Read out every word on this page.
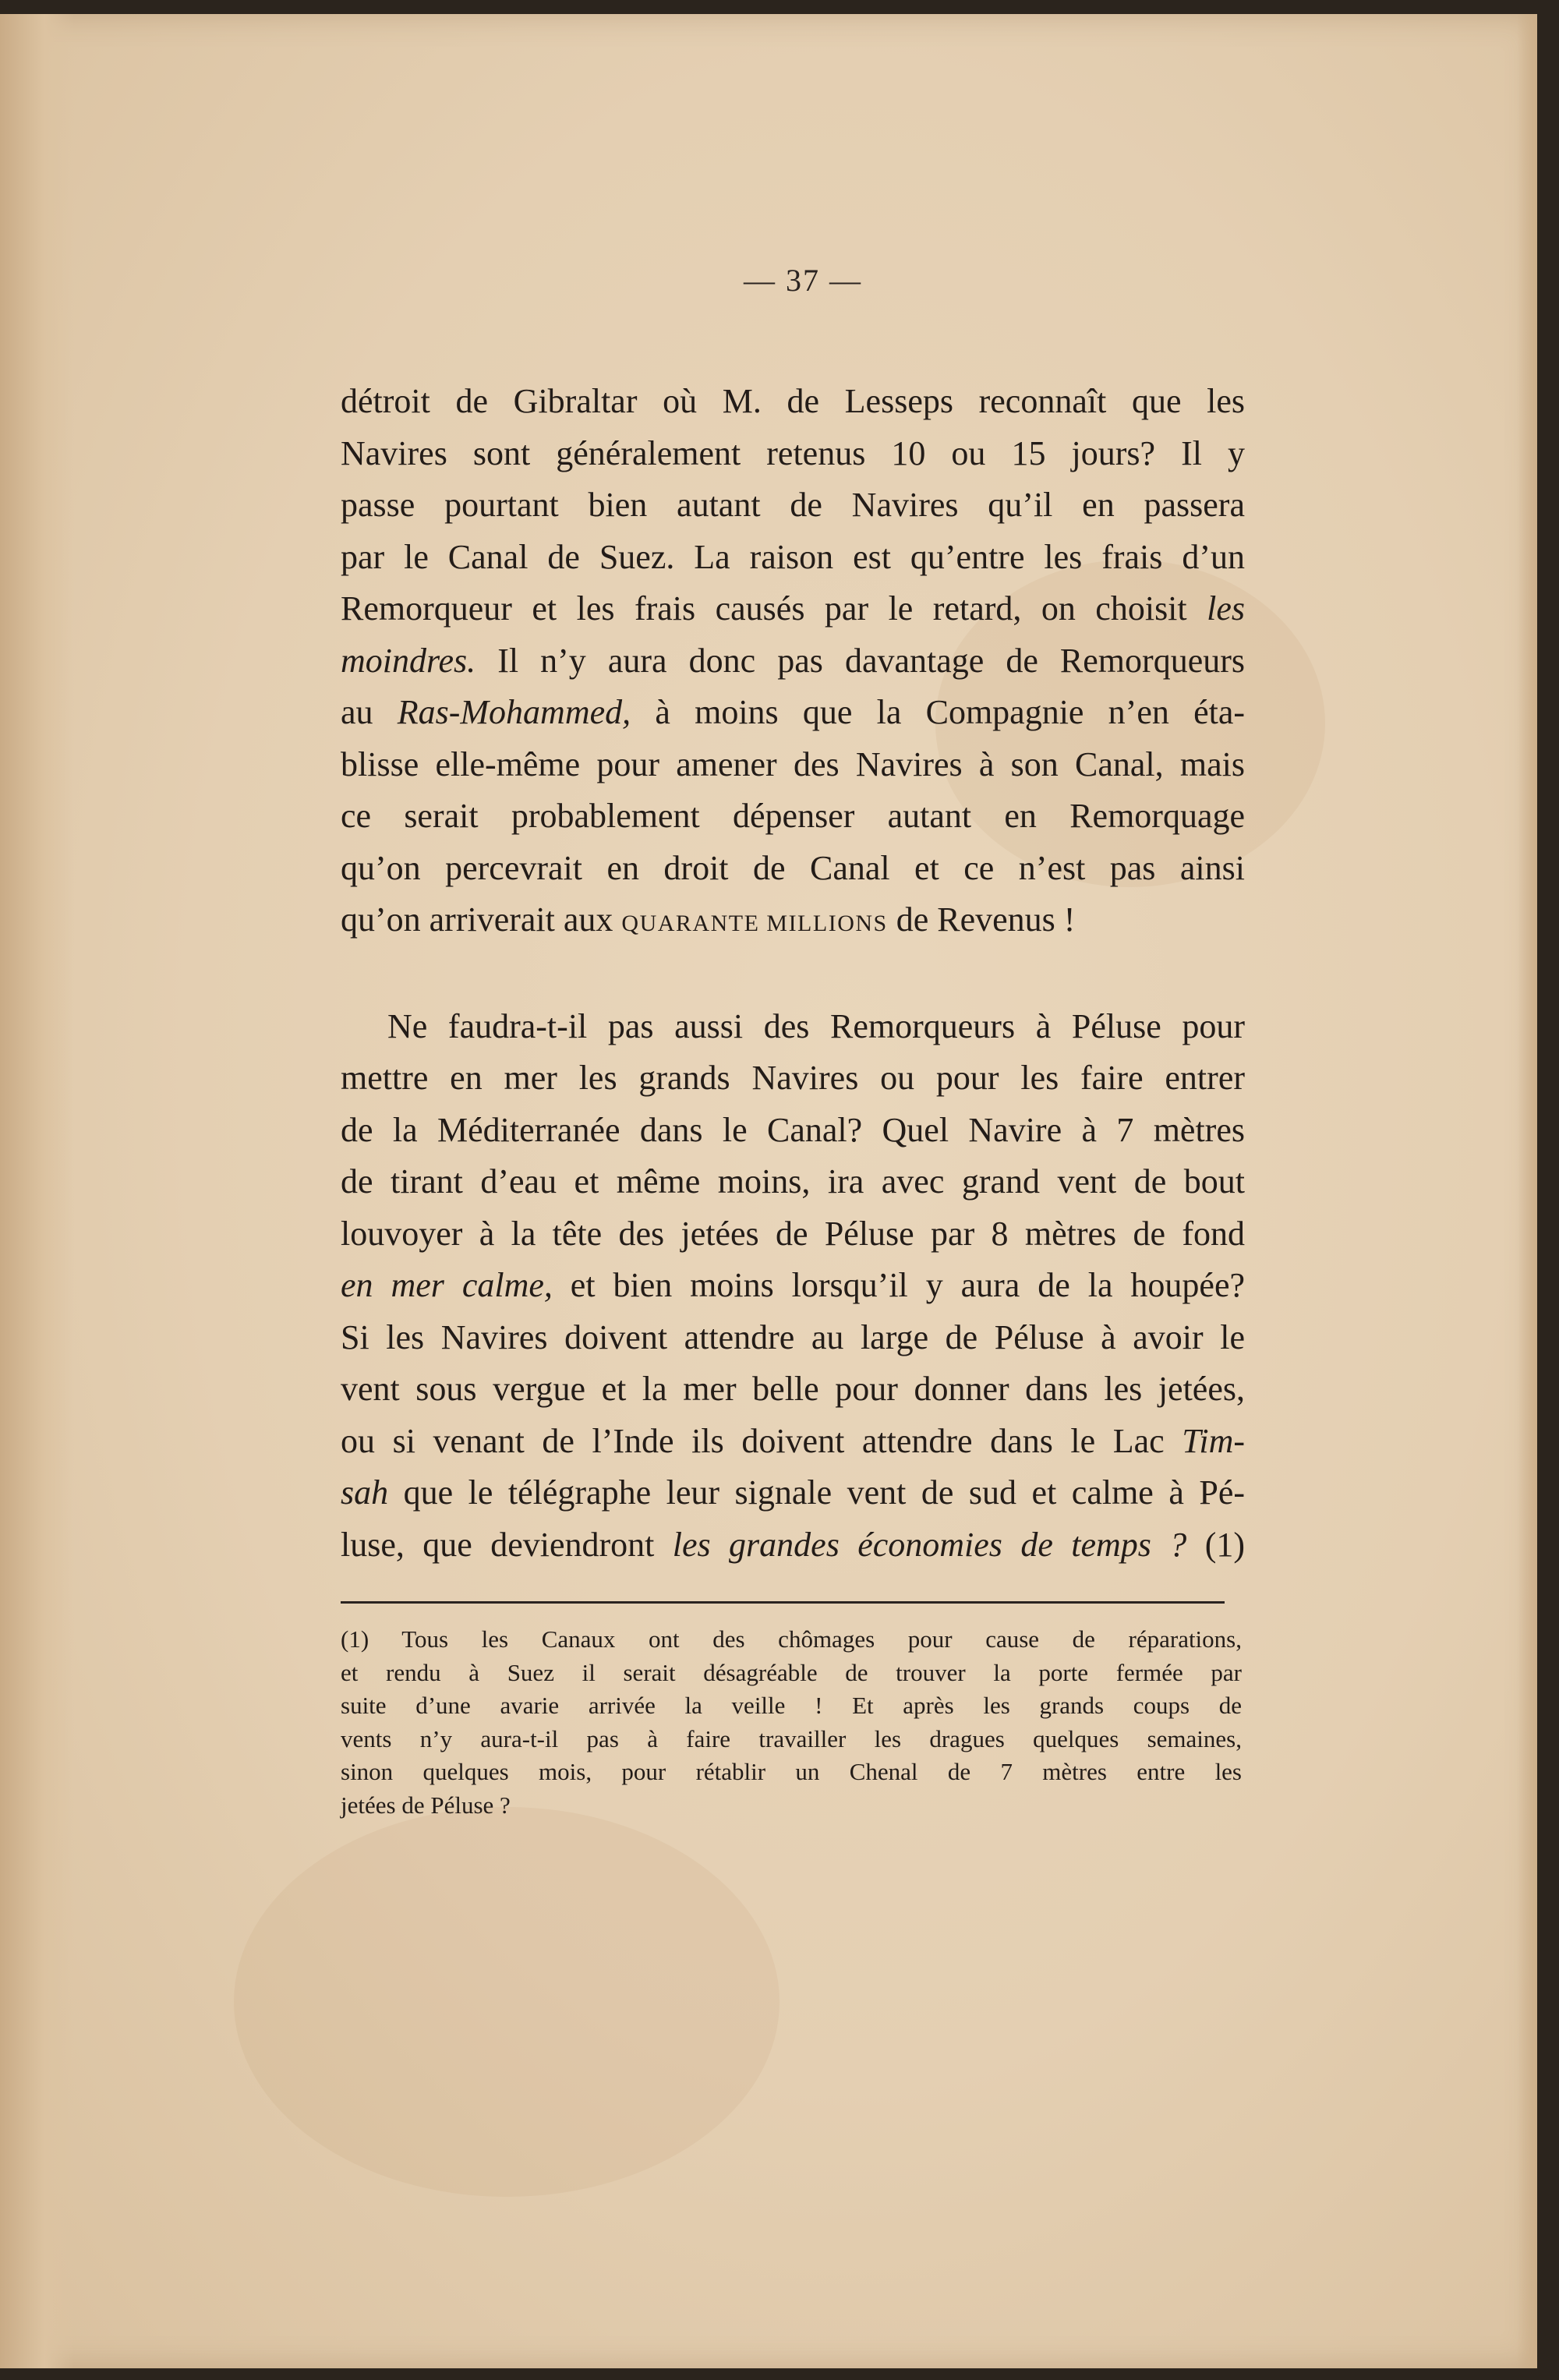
— 37 —
détroit de Gibraltar où M. de Lesseps reconnaît que les
Navires sont généralement retenus 10 ou 15 jours? Il y
passe pourtant bien autant de Navires qu’il en passera
par le Canal de Suez. La raison est qu’entre les frais d’un
Remorqueur et les frais causés par le retard, on choisit les
moindres. Il n’y aura donc pas davantage de Remorqueurs
au Ras-Mohammed, à moins que la Compagnie n’en éta-
blisse elle-même pour amener des Navires à son Canal, mais
ce serait probablement dépenser autant en Remorquage
qu’on percevrait en droit de Canal et ce n’est pas ainsi
qu’on arriverait aux QUARANTE MILLIONS de Revenus !
Ne faudra-t-il pas aussi des Remorqueurs à Péluse pour
mettre en mer les grands Navires ou pour les faire entrer
de la Méditerranée dans le Canal? Quel Navire à 7 mètres
de tirant d’eau et même moins, ira avec grand vent de bout
louvoyer à la tête des jetées de Péluse par 8 mètres de fond
en mer calme, et bien moins lorsqu’il y aura de la houpée?
Si les Navires doivent attendre au large de Péluse à avoir le
vent sous vergue et la mer belle pour donner dans les jetées,
ou si venant de l’Inde ils doivent attendre dans le Lac Tim-
sah que le télégraphe leur signale vent de sud et calme à Pé-
luse, que deviendront les grandes économies de temps ? (1)
(1) Tous les Canaux ont des chômages pour cause de réparations,
et rendu à Suez il serait désagréable de trouver la porte fermée par
suite d’une avarie arrivée la veille ! Et après les grands coups de
vents n’y aura-t-il pas à faire travailler les dragues quelques semaines,
sinon quelques mois, pour rétablir un Chenal de 7 mètres entre les
jetées de Péluse ?
